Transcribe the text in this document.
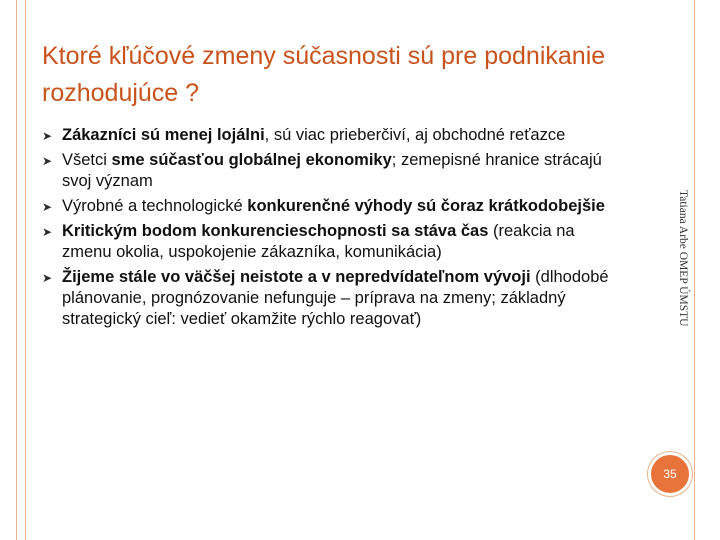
Ktoré kľúčové zmeny súčasnosti sú pre podnikanie rozhodujúce ?
➤ Zákazníci sú menej lojálni, sú viac prieberčiví, aj obchodné reťazce
➤ Všetci sme súčasťou globálnej ekonomiky; zemepisné hranice strácajú svoj význam
➤ Výrobné a technologické konkurenčné výhody sú čoraz krátkodobejšie
➤ Kritickým bodom konkurencieschopnosti sa stáva čas (reakcia na zmenu okolia, uspokojenie zákazníka, komunikácia)
➤ Žijeme stále vo väčšej neistote a v nepredvídateľnom vývoji (dlhodobé plánovanie, prognózovanie nefunguje – príprava na zmeny; základný strategický cieľ: vedieť okamžite rýchlo reagovať)	Tatiana Arbe OMEP ÚMSTU
35
